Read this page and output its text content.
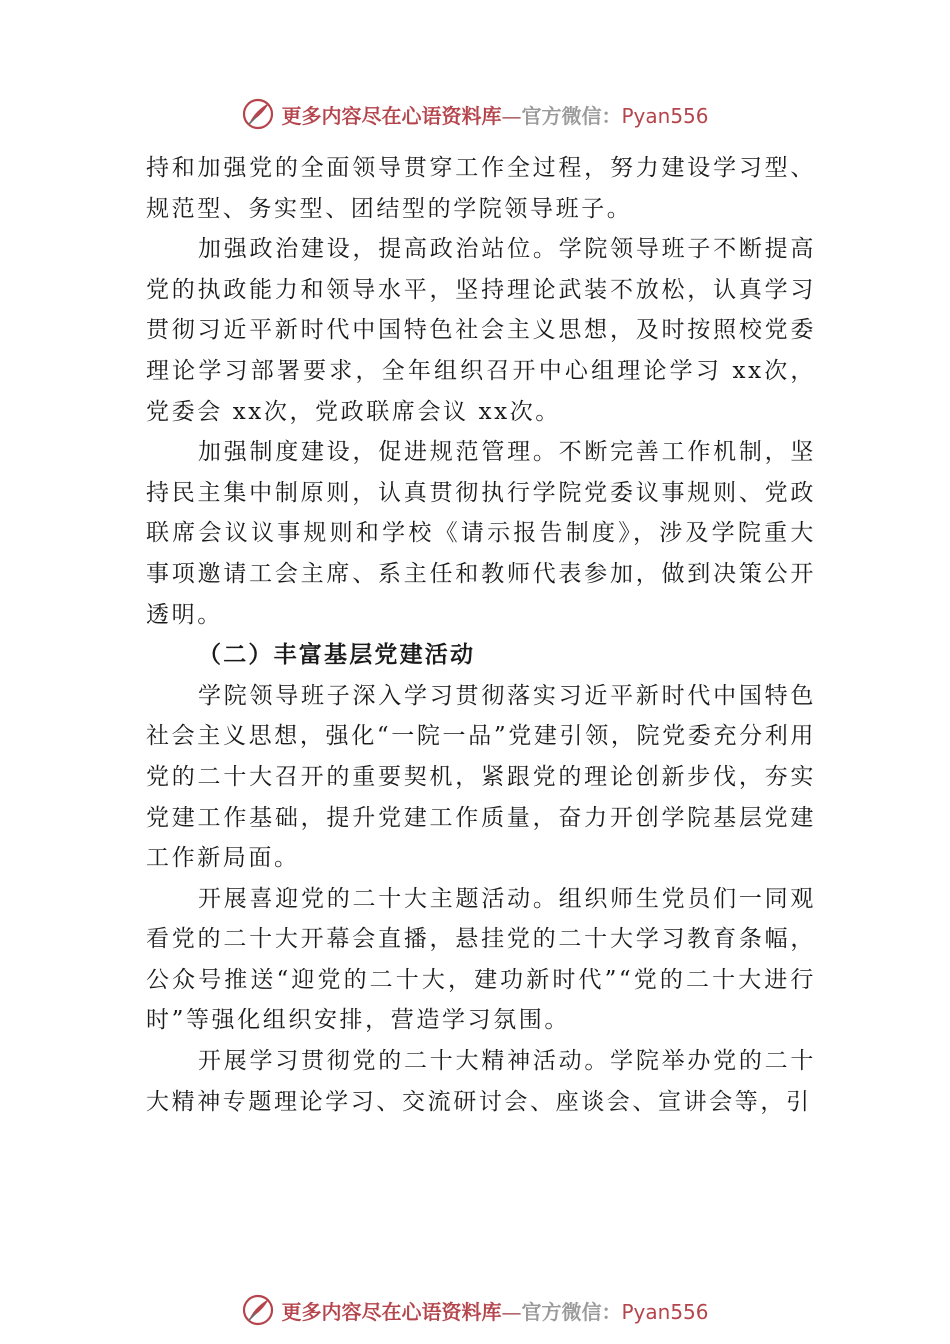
更多内容尽在心语资料库—官方微信：Pyan556

持和加强党的全面领导贯穿工作全过程，努力建设学习型、 规范型、务实型、团结型的学院领导班子。

加强政治建设，提高政治站位。学院领导班子不断提高党的执政能力和领导水平，坚持理论武装不放松，认真学习贯彻习近平新时代中国特色社会主义思想，及时按照校党委理论学习部署要求，全年组织召开中心组理论学习 xx次，党委会 xx次，党政联席会议 xx次。

加强制度建设，促进规范管理。不断完善工作机制，坚持民主集中制原则，认真贯彻执行学院党委议事规则、党政联席会议议事规则和学校《请示报告制度》，涉及学院重大事项邀请工会主席、系主任和教师代表参加，做到决策公开透明。

（二）丰富基层党建活动

学院领导班子深入学习贯彻落实习近平新时代中国特色社会主义思想，强化“一院一品”党建引领，院党委充分利用党的二十大召开的重要契机，紧跟党的理论创新步伐，夯实党建工作基础，提升党建工作质量，奋力开创学院基层党建工作新局面。

开展喜迎党的二十大主题活动。组织师生党员们一同观看党的二十大开幕会直播，悬挂党的二十大学习教育条幅， 公众号推送“迎党的二十大，建功新时代”“党的二十大进行时”等强化组织安排，营造学习氛围。

开展学习贯彻党的二十大精神活动。学院举办党的二十大精神专题理论学习、交流研讨会、座谈会、宣讲会等，引

更多内容尽在心语资料库—官方微信：Pyan556
